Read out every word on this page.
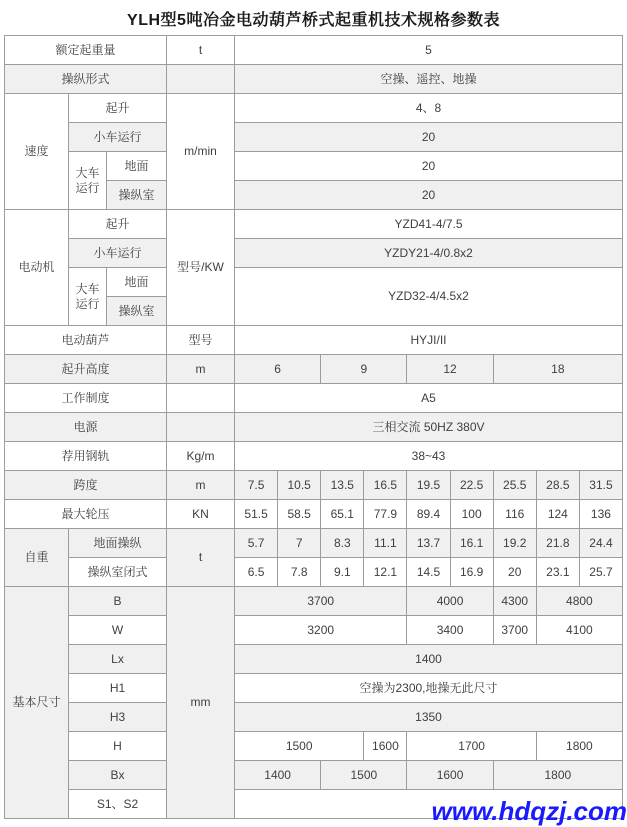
YLH型5吨冶金电动葫芦桥式起重机技术规格参数表
额定起重量			t	5								
操纵形式				空操、遥控、地操								
速度	起升		m/min	4、8								
	小车运行			20								
	大车运行	地面		20								
		操纵室		20								
电动机	起升		型号/KW	YZD41-4/7.5								
	小车运行			YZDY21-4/0.8x2								
	大车运行	地面		YZD32-4/4.5x2								
		操纵室										
电动葫芦			型号	HYJI/II								
起升高度			m	6		9		12		18		
工作制度				A5								
电源				三相交流 50HZ 380V								
荐用钢轨			Kg/m	38~43								
跨度			m	7.5	10.5	13.5	16.5	19.5	22.5	25.5	28.5	31.5
最大轮压			KN	51.5	58.5	65.1	77.9	89.4	100	116	124	136
自重	地面操纵		t	5.7	7	8.3	11.1	13.7	16.1	19.2	21.8	24.4
	操纵室闭式			6.5	7.8	9.1	12.1	14.5	16.9	20	23.1	25.7
基本尺寸	B		mm	3700				4000		4300	4800	
	W			3200				3400		3700	4100	
	Lx			1400								
	H1			空操为2300,地操无此尺寸								
	H3			1350								
	H			1500			1600	1700			1800	
	Bx			1400		1500		1600		1800		
	S1、S2												www.hdqzj.com
